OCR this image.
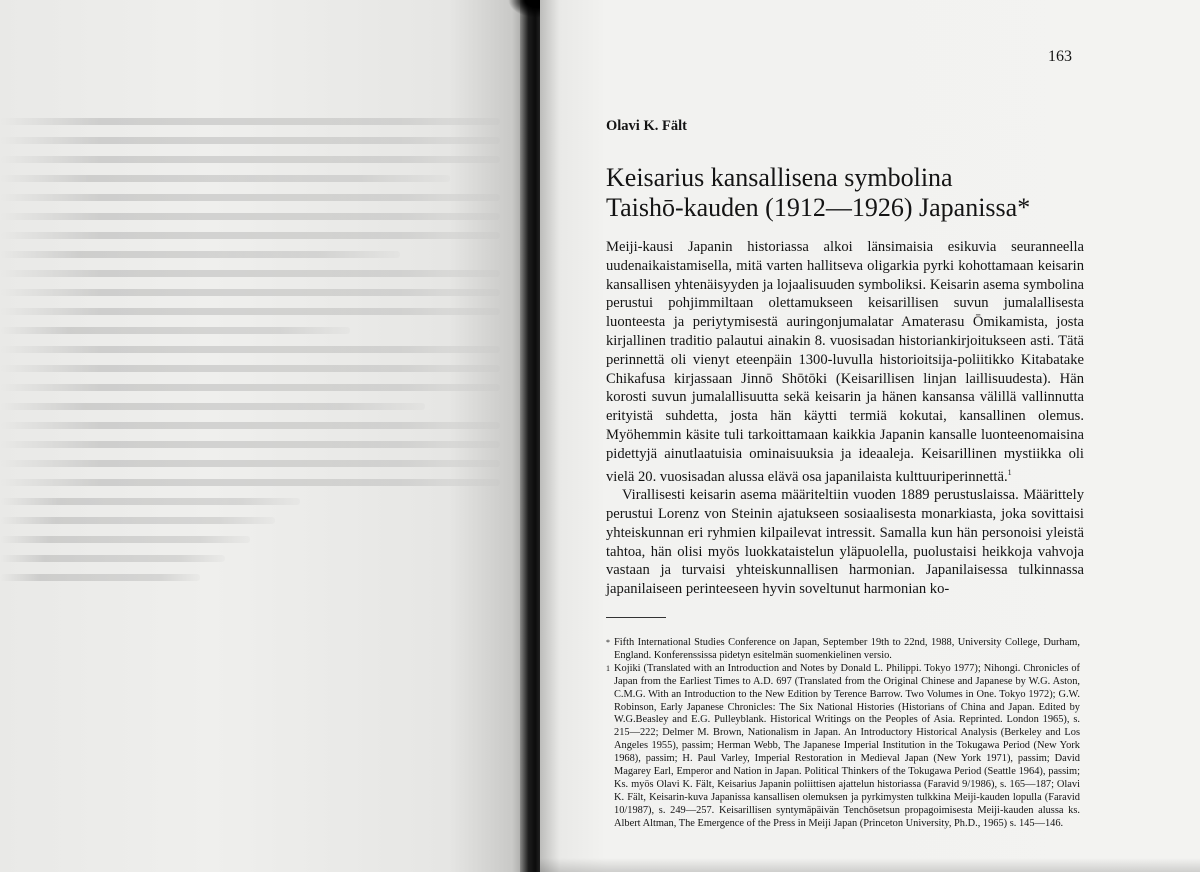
163
Olavi K. Fält
Keisarius kansallisena symbolina
Taishō-kauden (1912—1926) Japanissa*

Meiji-kausi Japanin historiassa alkoi länsimaisia esikuvia seuranneella uudenaikaistamisella, mitä varten hallitseva oligarkia pyrki kohottamaan keisarin kansallisen yhtenäisyyden ja lojaalisuuden symboliksi. Keisarin asema symbolina perustui pohjimmiltaan olettamukseen keisarillisen suvun jumalallisesta luonteesta ja periytymisestä auringonjumalatar Amaterasu Ōmikamista, josta kirjallinen traditio palautui ainakin 8. vuosisadan historiankirjoitukseen asti. Tätä perinnettä oli vienyt eteenpäin 1300-luvulla historioitsija-poliitikko Kitabatake Chikafusa kirjassaan Jinnō Shōtōki (Keisarillisen linjan laillisuudesta). Hän korosti suvun jumalallisuutta sekä keisarin ja hänen kansansa välillä vallinnutta erityistä suhdetta, josta hän käytti termiä kokutai, kansallinen olemus. Myöhemmin käsite tuli tarkoittamaan kaikkia Japanin kansalle luonteenomaisina pidettyjä ainutlaatuisia ominaisuuksia ja ideaaleja. Keisarillinen mystiikka oli vielä 20. vuosisadan alussa elävä osa japanilaista kulttuuriperinnettä.$^1$

Virallisesti keisarin asema määriteltiin vuoden 1889 perustuslaissa. Määrittely perustui Lorenz von Steinin ajatukseen sosiaalisesta monarkiasta, joka sovittaisi yhteiskunnan eri ryhmien kilpailevat intressit. Samalla kun hän personoisi yleistä tahtoa, hän olisi myös luokkataistelun yläpuolella, puolustaisi heikkoja vahvoja vastaan ja turvaisi yhteiskunnallisen harmonian. Japanilaisessa tulkinnassa japanilaiseen perinteeseen hyvin soveltunut harmonian ko-

* Fifth International Studies Conference on Japan, September 19th to 22nd, 1988, University College, Durham, England. Konferenssissa pidetyn esitelmän suomenkielinen versio.
1 Kojiki (Translated with an Introduction and Notes by Donald L. Philippi. Tokyo 1977); Nihongi. Chronicles of Japan from the Earliest Times to A.D. 697 (Translated from the Original Chinese and Japanese by W.G. Aston, C.M.G. With an Introduction to the New Edition by Terence Barrow. Two Volumes in One. Tokyo 1972); G.W. Robinson, Early Japanese Chronicles: The Six National Histories (Historians of China and Japan. Edited by W.G.Beasley and E.G. Pulleyblank. Historical Writings on the Peoples of Asia. Reprinted. London 1965), s. 215—222; Delmer M. Brown, Nationalism in Japan. An Introductory Historical Analysis (Berkeley and Los Angeles 1955), passim; Herman Webb, The Japanese Imperial Institution in the Tokugawa Period (New York 1968), passim; H. Paul Varley, Imperial Restoration in Medieval Japan (New York 1971), passim; David Magarey Earl, Emperor and Nation in Japan. Political Thinkers of the Tokugawa Period (Seattle 1964), passim; Ks. myös Olavi K. Fält, Keisarius Japanin poliittisen ajattelun historiassa (Faravid 9/1986), s. 165—187; Olavi K. Fält, Keisarin-kuva Japanissa kansallisen olemuksen ja pyrkimysten tulkkina Meiji-kauden lopulla (Faravid 10/1987), s. 249—257. Keisarillisen syntymäpäivän Tenchōsetsun propagoimisesta Meiji-kauden alussa ks. Albert Altman, The Emergence of the Press in Meiji Japan (Princeton University, Ph.D., 1965) s. 145—146.
